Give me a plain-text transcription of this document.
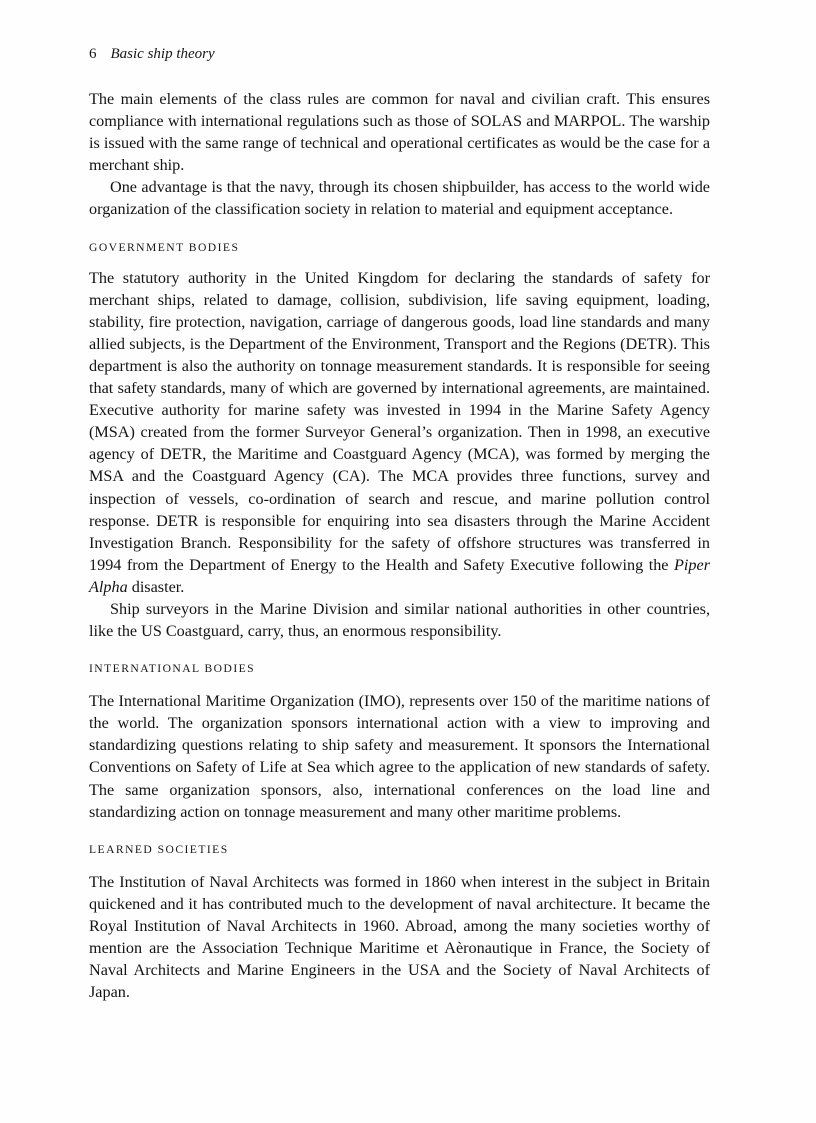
6 Basic ship theory

The main elements of the class rules are common for naval and civilian craft. This ensures compliance with international regulations such as those of SOLAS and MARPOL. The warship is issued with the same range of technical and operational certificates as would be the case for a merchant ship.

One advantage is that the navy, through its chosen shipbuilder, has access to the world wide organization of the classification society in relation to material and equipment acceptance.

GOVERNMENT BODIES

The statutory authority in the United Kingdom for declaring the standards of safety for merchant ships, related to damage, collision, subdivision, life saving equipment, loading, stability, fire protection, navigation, carriage of dangerous goods, load line standards and many allied subjects, is the Department of the Environment, Transport and the Regions (DETR). This department is also the authority on tonnage measurement standards. It is responsible for seeing that safety standards, many of which are governed by international agreements, are maintained. Executive authority for marine safety was invested in 1994 in the Marine Safety Agency (MSA) created from the former Surveyor General’s organization. Then in 1998, an executive agency of DETR, the Maritime and Coastguard Agency (MCA), was formed by merging the MSA and the Coastguard Agency (CA). The MCA provides three functions, survey and inspection of vessels, co-ordination of search and rescue, and marine pollution control response. DETR is responsible for enquiring into sea disasters through the Marine Accident Investigation Branch. Responsibility for the safety of offshore structures was transferred in 1994 from the Department of Energy to the Health and Safety Executive following the Piper Alpha disaster.

Ship surveyors in the Marine Division and similar national authorities in other countries, like the US Coastguard, carry, thus, an enormous responsibility.

INTERNATIONAL BODIES

The International Maritime Organization (IMO), represents over 150 of the maritime nations of the world. The organization sponsors international action with a view to improving and standardizing questions relating to ship safety and measurement. It sponsors the International Conventions on Safety of Life at Sea which agree to the application of new standards of safety. The same organization sponsors, also, international conferences on the load line and standardizing action on tonnage measurement and many other maritime problems.

LEARNED SOCIETIES

The Institution of Naval Architects was formed in 1860 when interest in the subject in Britain quickened and it has contributed much to the development of naval architecture. It became the Royal Institution of Naval Architects in 1960. Abroad, among the many societies worthy of mention are the Association Technique Maritime et Aèronautique in France, the Society of Naval Architects and Marine Engineers in the USA and the Society of Naval Architects of Japan.
